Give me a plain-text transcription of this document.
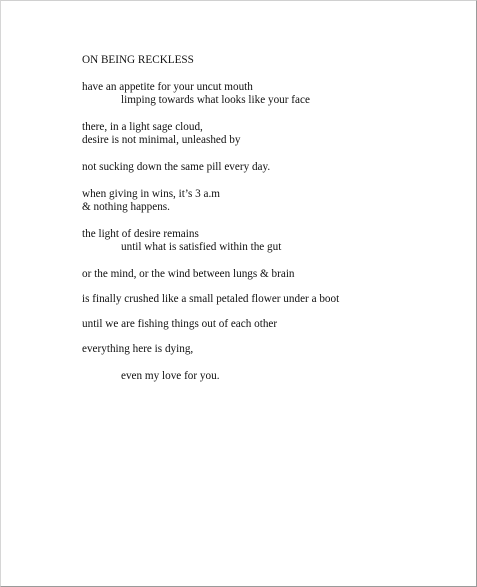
ON BEING RECKLESS

have an appetite for your uncut mouth
limping towards what looks like your face

there, in a light sage cloud,
desire is not minimal, unleashed by

not sucking down the same pill every day.

when giving in wins, it’s 3 a.m
& nothing happens.

the light of desire remains
until what is satisfied within the gut

or the mind, or the wind between lungs & brain

is finally crushed like a small petaled flower under a boot

until we are fishing things out of each other

everything here is dying,

even my love for you.
